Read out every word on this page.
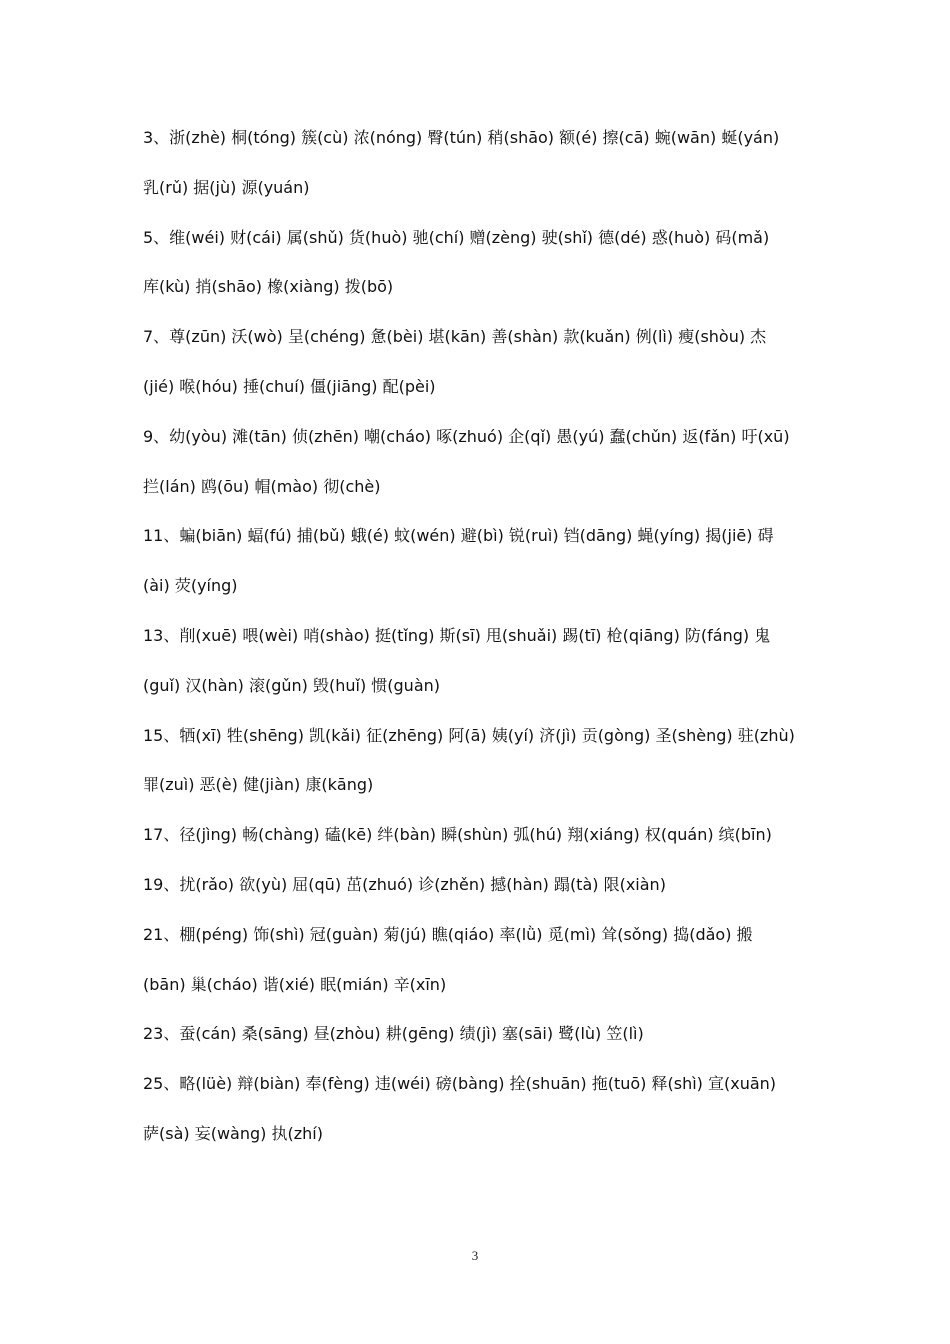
3、浙(zhè) 桐(tóng) 簇(cù) 浓(nóng) 臀(tún) 稍(shāo) 额(é) 擦(cā) 蜿(wān) 蜒(yán)
乳(rǔ) 据(jù) 源(yuán)
5、维(wéi) 财(cái) 属(shǔ) 货(huò) 驰(chí) 赠(zèng) 驶(shǐ) 德(dé) 惑(huò) 码(mǎ)
库(kù) 捎(shāo) 橡(xiàng) 拨(bō)
7、尊(zūn) 沃(wò) 呈(chéng) 惫(bèi) 堪(kān) 善(shàn) 款(kuǎn) 例(lì) 瘦(shòu) 杰
(jié) 喉(hóu) 捶(chuí) 僵(jiāng) 配(pèi)
9、幼(yòu) 滩(tān) 侦(zhēn) 嘲(cháo) 啄(zhuó) 企(qǐ) 愚(yú) 蠢(chǔn) 返(fǎn) 吁(xū)
拦(lán) 鸥(ōu) 帽(mào) 彻(chè)
11、蝙(biān) 蝠(fú) 捕(bǔ) 蛾(é) 蚊(wén) 避(bì) 锐(ruì) 铛(dāng) 蝇(yíng) 揭(jiē) 碍
(ài) 荧(yíng)
13、削(xuē) 喂(wèi) 哨(shào) 挺(tǐng) 斯(sī) 甩(shuǎi) 踢(tī) 枪(qiāng) 防(fáng) 鬼
(guǐ) 汉(hàn) 滚(gǔn) 毁(huǐ) 惯(guàn)
15、牺(xī) 牲(shēng) 凯(kǎi) 征(zhēng) 阿(ā) 姨(yí) 济(jì) 贡(gòng) 圣(shèng) 驻(zhù)
罪(zuì) 恶(è) 健(jiàn) 康(kāng)
17、径(jìng) 畅(chàng) 磕(kē) 绊(bàn) 瞬(shùn) 弧(hú) 翔(xiáng) 权(quán) 缤(bīn)
19、扰(rǎo) 欲(yù) 屈(qū) 茁(zhuó) 诊(zhěn) 撼(hàn) 蹋(tà) 限(xiàn)
21、棚(péng) 饰(shì) 冠(guàn) 菊(jú) 瞧(qiáo) 率(lǜ) 觅(mì) 耸(sǒng) 捣(dǎo) 搬
(bān) 巢(cháo) 谐(xié) 眠(mián) 辛(xīn)
23、蚕(cán) 桑(sāng) 昼(zhòu) 耕(gēng) 绩(jì) 塞(sāi) 鹭(lù) 笠(lì)
25、略(lüè) 辩(biàn) 奉(fèng) 违(wéi) 磅(bàng) 拴(shuān) 拖(tuō) 释(shì) 宣(xuān)
萨(sà) 妄(wàng) 执(zhí)
3
